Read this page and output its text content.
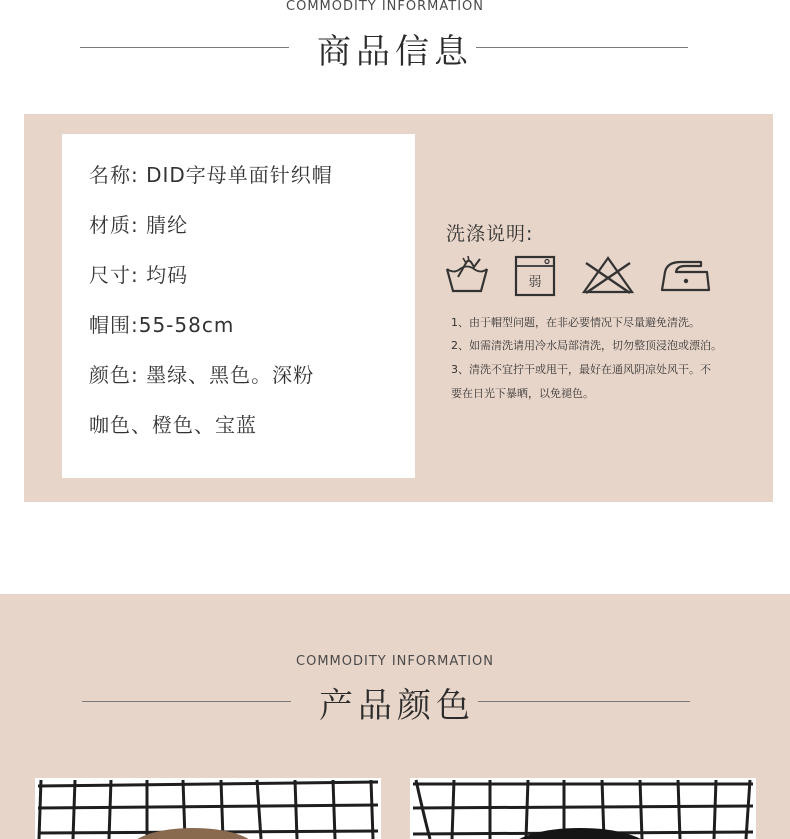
COMMODITY INFORMATION
商品信息
名称: DID字母单面针织帽
材质: 腈纶
尺寸: 均码
帽围:55-58cm
颜色: 墨绿、黑色。深粉
咖色、橙色、宝蓝
洗涤说明:
弱
1、由于帽型问题，在非必要情况下尽量避免清洗。
2、如需清洗请用冷水局部清洗，切勿整顶浸泡或漂泊。
3、清洗不宜拧干或甩干，最好在通风阴凉处风干。不
要在日光下暴晒，以免褪色。
COMMODITY INFORMATION
产品颜色
